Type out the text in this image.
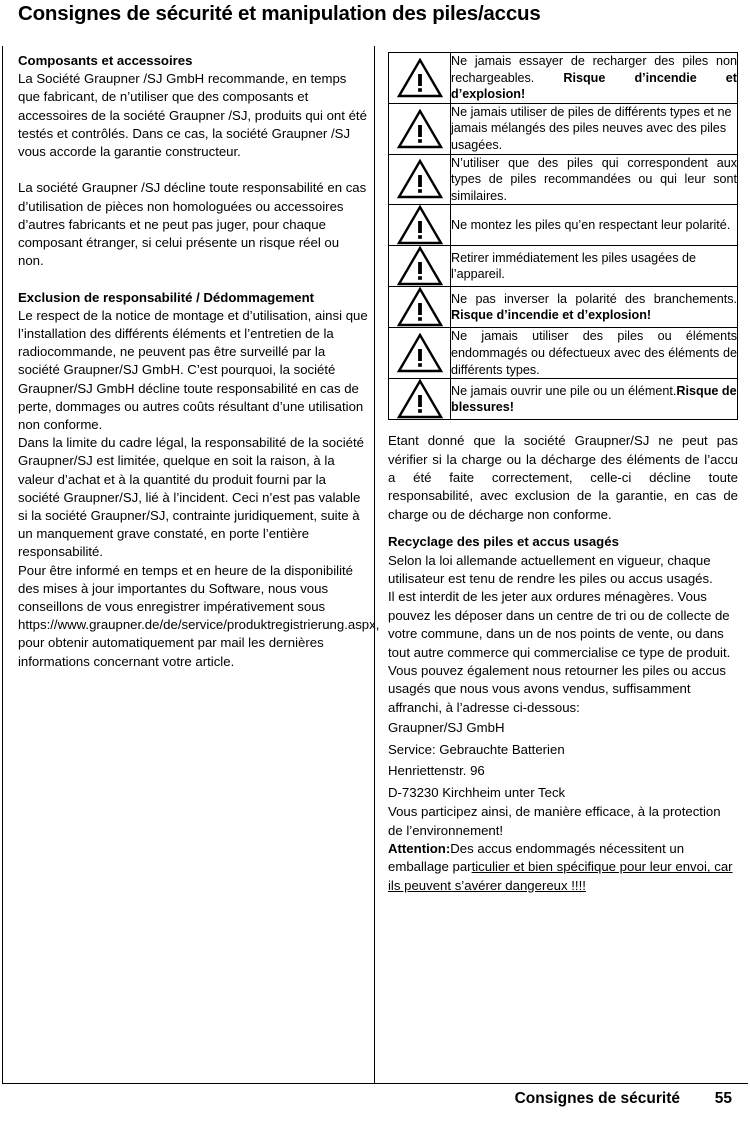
Consignes de sécurité et manipulation des piles/accus
Composants et accessoires

La Société Graupner /SJ GmbH recommande, en temps que fabricant, de n’utiliser que des composants et accessoires de la société Graupner /SJ, produits qui ont été testés et contrôlés. Dans ce cas, la société Graupner /SJ vous accorde la garantie constructeur.

La société Graupner /SJ décline toute responsabilité en cas d’utilisation de pièces non homologuées ou accessoires d’autres fabricants et ne peut pas juger, pour chaque composant étranger, si celui présente un risque réel ou non.

Exclusion de responsabilité / Dédommagement

Le respect de la notice de montage et d’utilisation, ainsi que l’installation des différents éléments et l’entretien de la radiocommande, ne peuvent pas être surveillé par la société Graupner/SJ GmbH. C’est pourquoi, la société Graupner/SJ GmbH décline toute responsabilité en cas de perte, dommages ou autres coûts résultant d’une utilisation non conforme.

Dans la limite du cadre légal, la responsabilité de la société Graupner/SJ est limitée, quelque en soit la raison, à la valeur d’achat et à la quantité du produit fourni par la société Graupner/SJ, lié à l’incident. Ceci n’est pas valable si la société Graupner/SJ, contrainte juridiquement, suite à un manquement grave constaté, en porte l’entière responsabilité.

Pour être informé en temps et en heure de la disponibilité des mises à jour importantes du Software, nous vous conseillons de vous enregistrer impérativement sous https://www.graupner.de/de/service/produktregistrierung.aspx, pour obtenir automatiquement par mail les dernières informations concernant votre article.

	Ne jamais essayer de recharger des piles non rechargeables. Risque d’incendie et d’explosion!

	Ne jamais utiliser de piles de différents types et ne jamais mélangés des piles neuves avec des piles usagées.

	N’utiliser que des piles qui correspondent aux types de piles recommandées ou qui leur sont similaires.

	Ne montez les piles qu’en respectant leur polarité.

	Retirer immédiatement les piles usagées de l’appareil.

	Ne pas inverser la polarité des branchements. Risque d’incendie et d’explosion!

	Ne jamais utiliser des piles ou éléments endommagés ou défectueux avec des éléments de différents types.

	Ne jamais ouvrir une pile ou un élément.Risque de blessures!

Etant donné que la société Graupner/SJ ne peut pas vérifier si la charge ou la décharge des éléments de l’accu a été faite correctement, celle-ci décline toute responsabilité, avec exclusion de la garantie, en cas de charge ou de décharge non conforme.

Recyclage des piles et accus usagés

Selon la loi allemande actuellement en vigueur, chaque utilisateur est tenu de rendre les piles ou accus usagés.

Il est interdit de les jeter aux ordures ménagères. Vous

pouvez les déposer dans un centre de tri ou de collecte de votre commune, dans un de nos points de vente, ou dans tout autre commerce qui commercialise ce type de produit. Vous pouvez également nous retourner les piles ou accus usagés que nous vous avons vendus, suffisamment affranchi, à l’adresse ci-dessous:

Graupner/SJ GmbH

Service: Gebrauchte Batterien

Henriettenstr. 96

D-73230 Kirchheim unter Teck

Vous participez ainsi, de manière efficace, à la protection de l’environnement!

Attention:Des accus endommagés nécessitent un emballage particulier et bien spécifique pour leur envoi, car ils peuvent s’avérer dangereux !!!!

Consignes de sécurité 55
